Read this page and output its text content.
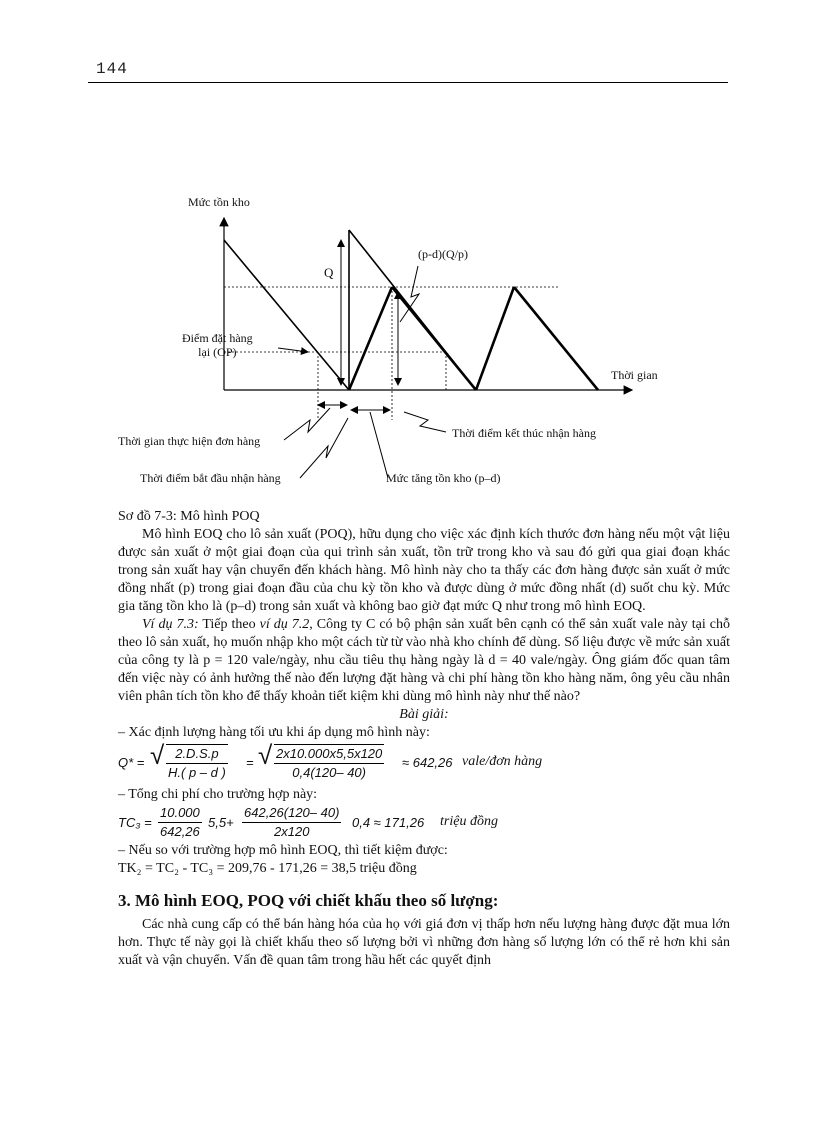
144
Mức tồn kho
Q
(p-d)(Q/p)
Điểm đặt hàng
lại (OP)
Thời gian
Thời gian thực hiện đơn hàng
Thời điểm kết thúc nhận hàng
Thời điểm bắt đầu nhận hàng	Mức tăng tồn kho (p–d)

Sơ đồ 7-3: Mô hình POQ

Mô hình EOQ cho lô sản xuất (POQ), hữu dụng cho việc xác định kích thước đơn hàng nếu một vật liệu được sản xuất ở một giai đoạn của qui trình sản xuất, tồn trữ trong kho và sau đó gửi qua giai đoạn khác trong sản xuất hay vận chuyển đến khách hàng. Mô hình này cho ta thấy các đơn hàng được sản xuất ở mức đồng nhất (p) trong giai đoạn đầu của chu kỳ tồn kho và được dùng ở mức đồng nhất (d) suốt chu kỳ. Mức gia tăng tồn kho là (p–d) trong sản xuất và không bao giờ đạt mức Q như trong mô hình EOQ.

Ví dụ 7.3: Tiếp theo ví dụ 7.2, Công ty C có bộ phận sản xuất bên cạnh có thể sản xuất vale này tại chỗ theo lô sản xuất, họ muốn nhập kho một cách từ từ vào nhà kho chính để dùng. Số liệu được về mức sản xuất của công ty là p = 120 vale/ngày, nhu cầu tiêu thụ hàng ngày là d = 40 vale/ngày. Ông giám đốc quan tâm đến việc này có ảnh hưởng thế nào đến lượng đặt hàng và chi phí hàng tồn kho hàng năm, ông yêu cầu nhân viên phân tích tồn kho để thấy khoản tiết kiệm khi dùng mô hình này như thế nào?

Bài giải:

– Xác định lượng hàng tối ưu khi áp dụng mô hình này:

Q* = √ $\frac{2.D.S.p}{H.( p - d )}$ = √ $\frac{2x10.000x5,5x120}{0,4(120- 40)} \approx 642,26$ vale/đơn hàng

– Tổng chi phí cho trường hợp này:

$TC_3 = \frac{10.000}{642,26} 5,5+ \frac{642,26(120- 40)}{2x120} 0,4 \approx 171,26$ triệu đồng

– Nếu so với trường hợp mô hình EOQ, thì tiết kiệm được:

TK₂ = TC₂ - TC₃ = 209,76 - 171,26 = 38,5 triệu đồng

3. Mô hình EOQ, POQ với chiết khấu theo số lượng:

Các nhà cung cấp có thể bán hàng hóa của họ với giá đơn vị thấp hơn nếu lượng hàng được đặt mua lớn hơn. Thực tế này gọi là chiết khấu theo số lượng bởi vì những đơn hàng số lượng lớn có thể rẻ hơn khi sản xuất và vận chuyển. Vấn đề quan tâm trong hầu hết các quyết định
